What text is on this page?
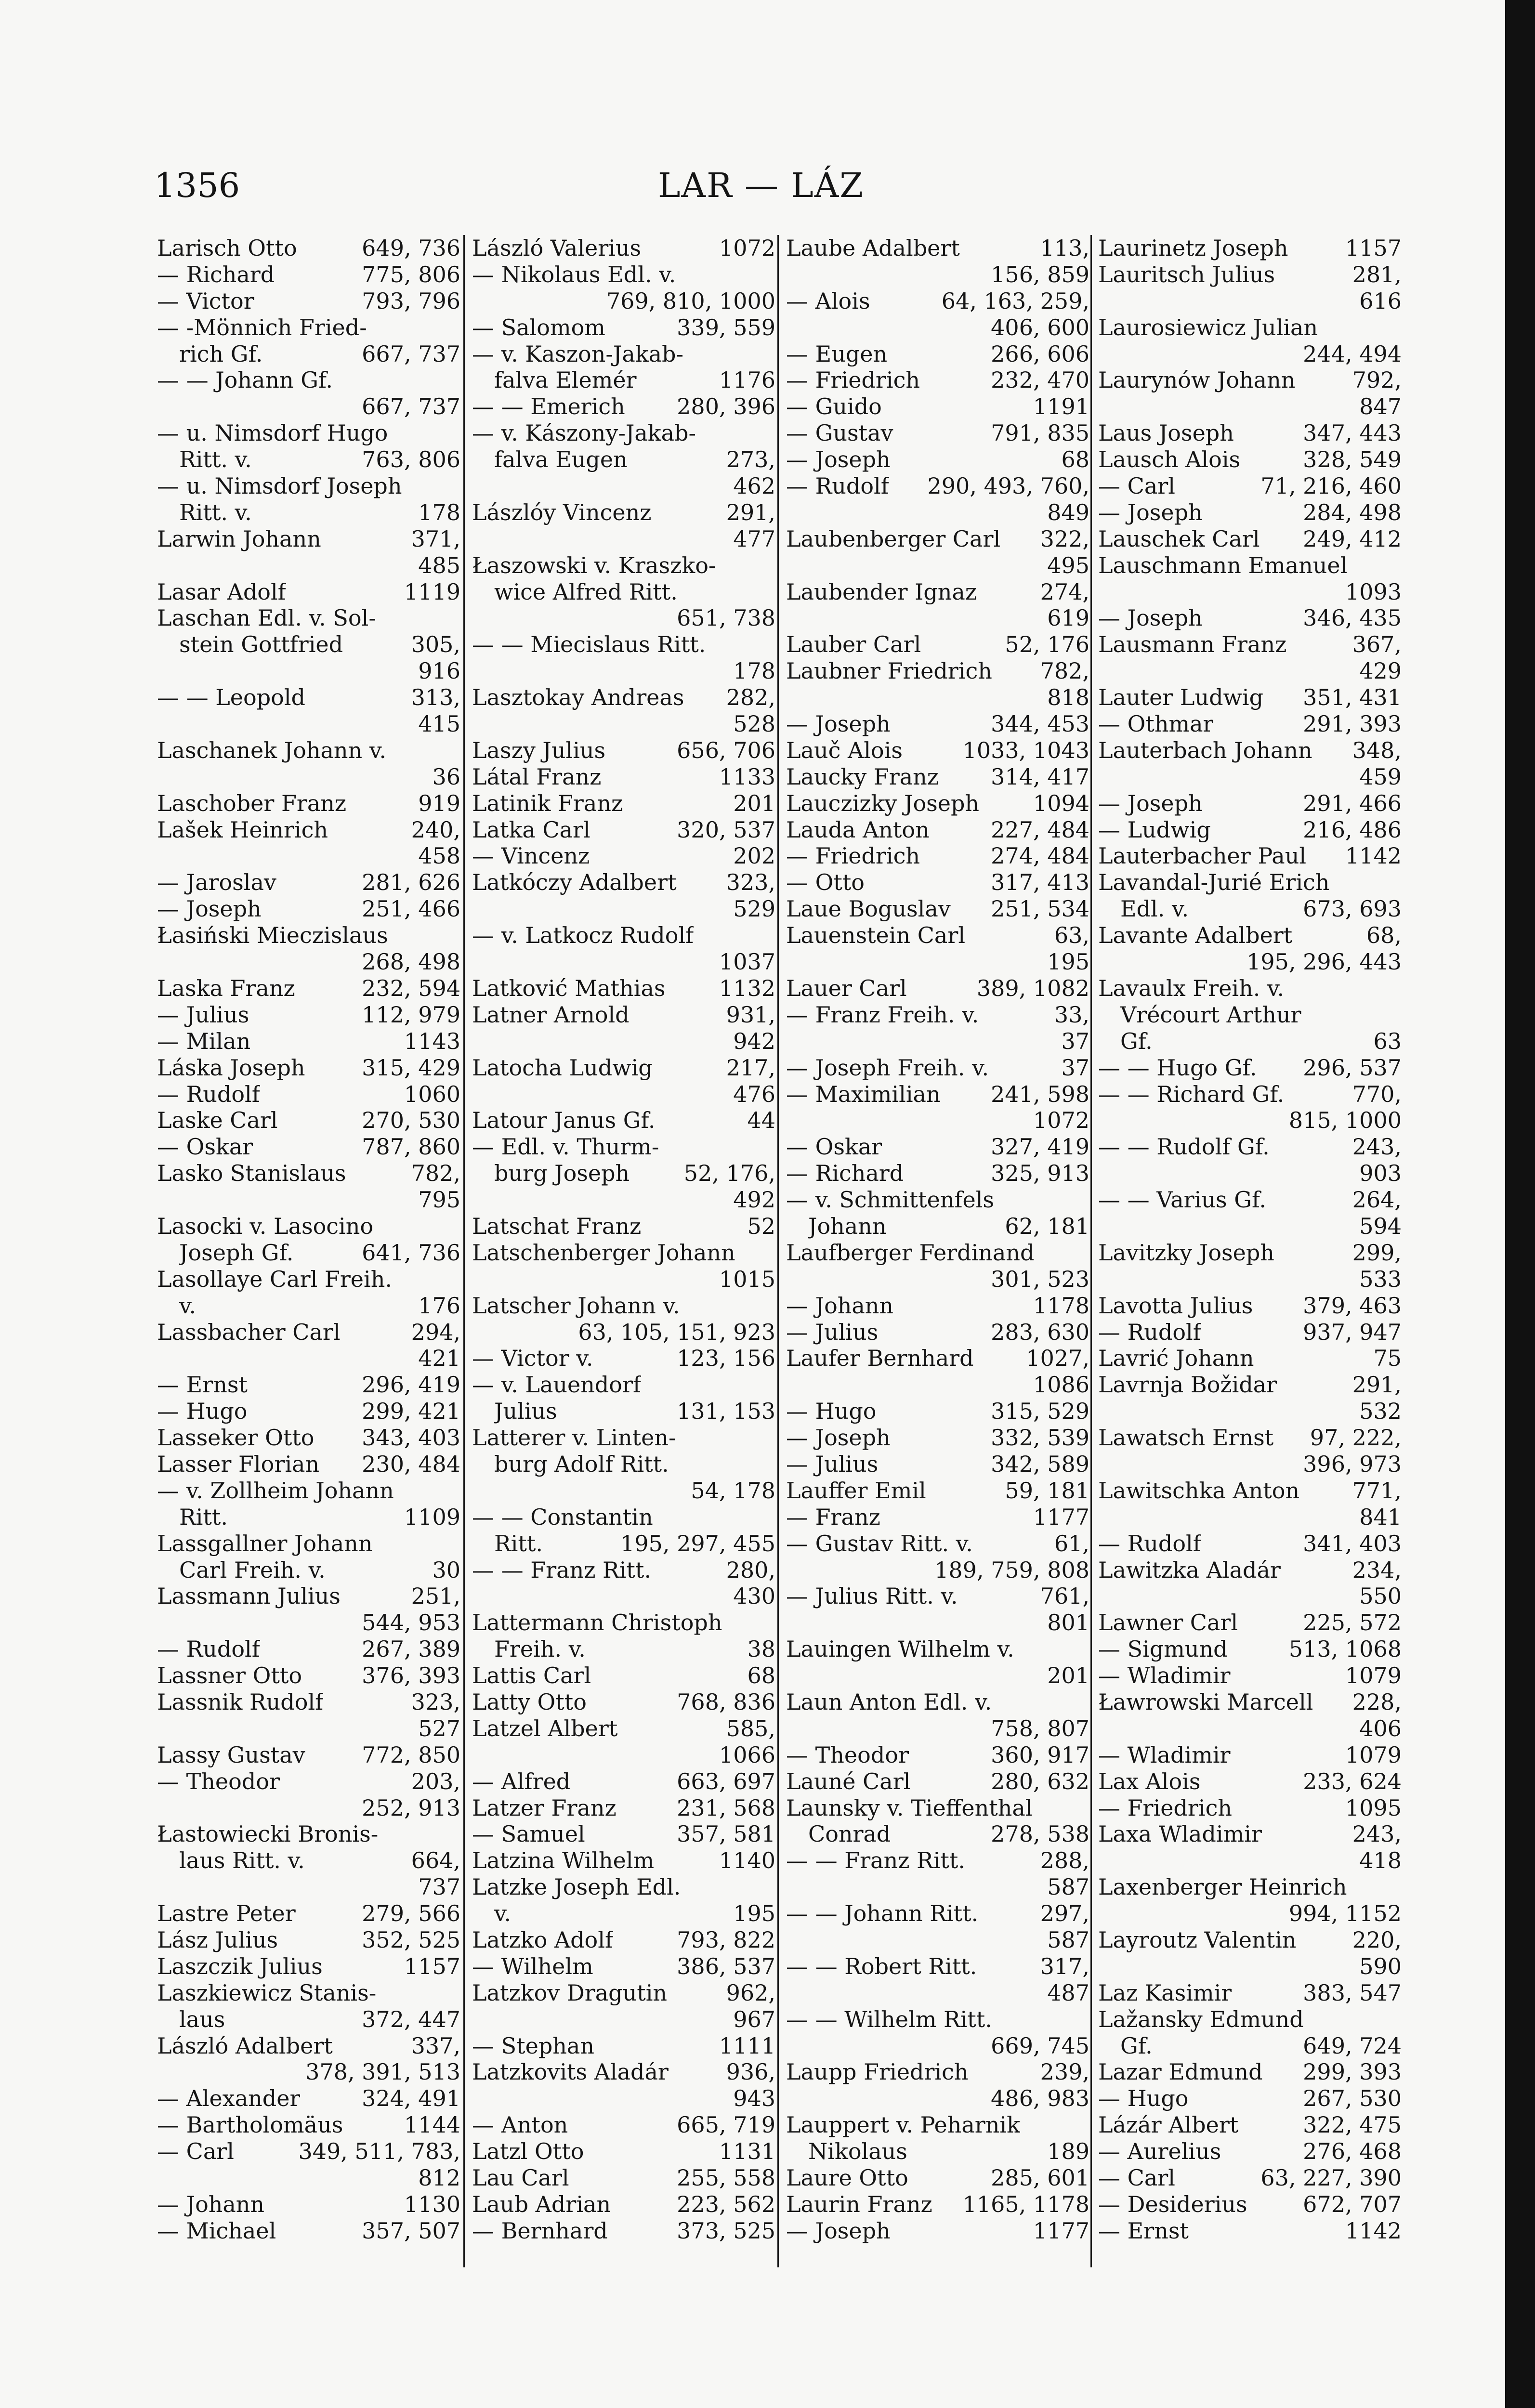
1356	LAR — LÁZ
Larisch Otto	649, 736
— Richard	775, 806
— Victor	793, 796
— -Mönnich Fried-
rich Gf.	667, 737
— — Johann Gf.
667, 737
— u. Nimsdorf Hugo
Ritt. v.	763, 806
— u. Nimsdorf Joseph
Ritt. v.	178
Larwin Johann	371,
485
Lasar Adolf	1119
Laschan Edl. v. Sol-
stein Gottfried	305,
916
— — Leopold	313,
415
Laschanek Johann v.
36
Laschober Franz	919
Lašek Heinrich	240,
458
— Jaroslav	281, 626
— Joseph	251, 466
Łasiński Mieczislaus
268, 498
Laska Franz	232, 594
— Julius	112, 979
— Milan	1143
Láska Joseph	315, 429
— Rudolf	1060
Laske Carl	270, 530
— Oskar	787, 860
Lasko Stanislaus	782,
795
Lasocki v. Lasocino
Joseph Gf.	641, 736
Lasollaye Carl Freih.
v.	176
Lassbacher Carl	294,
421
— Ernst	296, 419
— Hugo	299, 421
Lasseker Otto 343, 403
Lasser Florian 230, 484
— v. Zollheim Johann
Ritt.	1109
Lassgallner Johann
Carl Freih. v.	30
Lassmann Julius	251,
544, 953
— Rudolf	267, 389
Lassner Otto	376, 393
Lassnik Rudolf	323,
527
Lassy Gustav	772, 850
— Theodor	203,
252, 913
Łastowiecki Bronis-
laus Ritt. v.	664,
737
Lastre Peter	279, 566
Lász Julius	352, 525
Laszczik Julius	1157
Laszkiewicz Stanis-
laus	372, 447
László Adalbert	337,
378, 391, 513
— Alexander	324, 491
— Bartholomäus	1144
— Carl	349, 511, 783,
812
— Johann	1130
— Michael	357, 507
László Valerius	1072
— Nikolaus Edl. v.
769, 810, 1000
— Salomom	339, 559
— v. Kaszon-Jakab-
falva Elemér	1176
— — Emerich 280, 396
— v. Kászony-Jakab-
falva Eugen	273,
462
Lászlóy Vincenz	291,
477
Łaszowski v. Kraszko-
wice Alfred Ritt.
651, 738
— — Miecislaus Ritt.
178
Lasztokay Andreas 282,
528
Laszy Julius	656, 706
Látal Franz	1133
Latinik Franz	201
Latka Carl	320, 537
— Vincenz	202
Latkóczy Adalbert 323,
529
— v. Latkocz Rudolf
1037
Latković Mathias 1132
Latner Arnold	931,
942
Latocha Ludwig	217,
476
Latour Janus Gf.	44
— Edl. v. Thurm-
burg Joseph 52, 176,
492
Latschat Franz	52
Latschenberger Johann
1015
Latscher Johann v.
63, 105, 151, 923
— Victor v.	123, 156
— v. Lauendorf
Julius	131, 153
Latterer v. Linten-
burg Adolf Ritt.
54, 178
— — Constantin
Ritt.	195, 297, 455
— — Franz Ritt.	280,
430
Lattermann Christoph
Freih. v.	38
Lattis Carl	68
Latty Otto	768, 836
Latzel Albert	585,
1066
— Alfred	663, 697
Latzer Franz	231, 568
— Samuel	357, 581
Latzina Wilhelm	1140
Latzke Joseph Edl.
v.	195
Latzko Adolf	793, 822
— Wilhelm	386, 537
Latzkov Dragutin	962,
967
— Stephan	1111
Latzkovits Aladár	936,
943
— Anton	665, 719
Latzl Otto	1131
Lau Carl	255, 558
Laub Adrian	223, 562
— Bernhard	373, 525
Laube Adalbert	113,
156, 859
— Alois	64, 163, 259,
406, 600
— Eugen	266, 606
— Friedrich	232, 470
— Guido	1191
— Gustav	791, 835
— Joseph	68
— Rudolf 290, 493, 760,
849
Laubenberger Carl 322,
495
Laubender Ignaz	274,
619
Lauber Carl	52, 176
Laubner Friedrich 782,
818
— Joseph	344, 453
Lauč Alois	1033, 1043
Laucky Franz 314, 417
Lauczizky Joseph 1094
Lauda Anton	227, 484
— Friedrich	274, 484
— Otto	317, 413
Laue Boguslav 251, 534
Lauenstein Carl	63,
195
Lauer Carl	389, 1082
— Franz Freih. v.	33,
37
— Joseph Freih. v.	37
— Maximilian 241, 598
1072
— Oskar	327, 419
— Richard	325, 913
— v. Schmittenfels
Johann	62, 181
Laufberger Ferdinand
301, 523
— Johann	1178
— Julius	283, 630
Laufer Bernhard 1027,
1086
— Hugo	315, 529
— Joseph	332, 539
— Julius	342, 589
Lauffer Emil	59, 181
— Franz	1177
— Gustav Ritt. v.	61,
189, 759, 808
— Julius Ritt. v.	761,
801
Lauingen Wilhelm v.
201
Laun Anton Edl. v.
758, 807
— Theodor	360, 917
Launé Carl	280, 632
Launsky v. Tieffenthal
Conrad	278, 538
— — Franz Ritt.	288,
587
— — Johann Ritt.	297,
587
— — Robert Ritt.	317,
487
— — Wilhelm Ritt.
669, 745
Laupp Friedrich	239,
486, 983
Lauppert v. Peharnik
Nikolaus	189
Laure Otto	285, 601
Laurin Franz 1165, 1178
— Joseph	1177
Laurinetz Joseph	1157
Lauritsch Julius	281,
616
Laurosiewicz Julian
244, 494
Laurynów Johann	792,
847
Laus Joseph	347, 443
Lausch Alois	328, 549
— Carl	71, 216, 460
— Joseph	284, 498
Lauschek Carl 249, 412
Lauschmann Emanuel
1093
— Joseph	346, 435
Lausmann Franz	367,
429
Lauter Ludwig 351, 431
— Othmar	291, 393
Lauterbach Johann 348,
459
— Joseph	291, 466
— Ludwig	216, 486
Lauterbacher Paul 1142
Lavandal-Jurié Erich
Edl. v.	673, 693
Lavante Adalbert	68,
195, 296, 443
Lavaulx Freih. v.
Vrécourt Arthur
Gf.	63
— — Hugo Gf. 296, 537
— — Richard Gf.	770,
815, 1000
— — Rudolf Gf.	243,
903
— — Varius Gf.	264,
594
Lavitzky Joseph	299,
533
Lavotta Julius 379, 463
— Rudolf	937, 947
Lavrić Johann	75
Lavrnja Božidar	291,
532
Lawatsch Ernst 97, 222,
396, 973
Lawitschka Anton 771,
841
— Rudolf	341, 403
Lawitzka Aladár	234,
550
Lawner Carl	225, 572
— Sigmund	513, 1068
— Wladimir	1079
Ławrowski Marcell 228,
406
— Wladimir	1079
Lax Alois	233, 624
— Friedrich	1095
Laxa Wladimir	243,
418
Laxenberger Heinrich
994, 1152
Layroutz Valentin	220,
590
Laz Kasimir	383, 547
Lažansky Edmund
Gf.	649, 724
Lazar Edmund 299, 393
— Hugo	267, 530
Lázár Albert	322, 475
— Aurelius	276, 468
— Carl	63, 227, 390
— Desiderius	672, 707
— Ernst	1142
